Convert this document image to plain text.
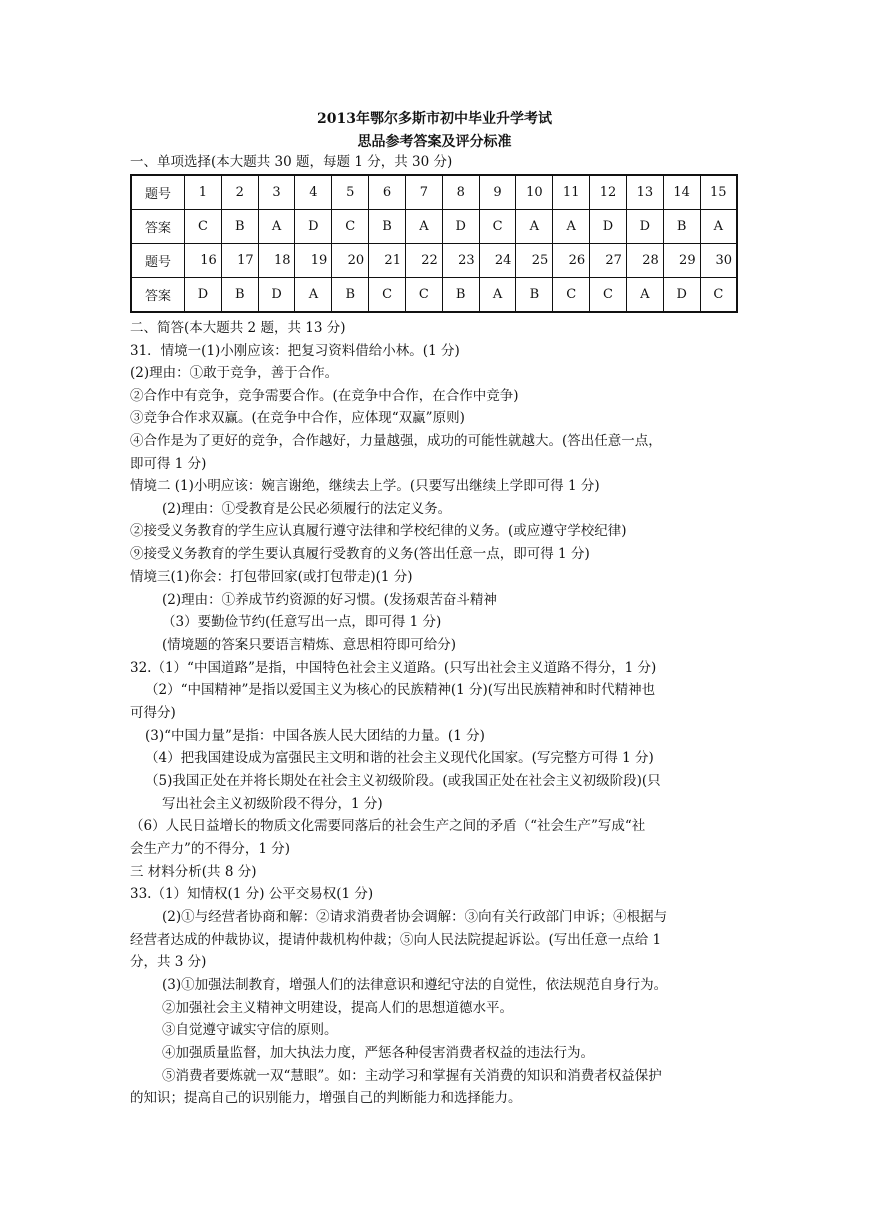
2013年鄂尔多斯市初中毕业升学考试
思品参考答案及评分标准
一、单项选择(本大题共 30 题，每题 1 分，共 30 分)
题号	1	2	3	4	5	6	7	8	9	10	11	12	13	14	15
答案	C	B	A	D	C	B	A	D	C	A	A	D	D	B	A
题号	16	17	18	19	20	21	22	23	24	25	26	27	28	29	30
答案	D	B	D	A	B	C	C	B	A	B	C	C	A	D	C
二、简答(本大题共 2 题，共 13 分)
31．情境一(1)小刚应该：把复习资料借给小林。(1 分)
(2)理由：①敢于竞争，善于合作。
②合作中有竞争，竞争需要合作。(在竞争中合作，在合作中竞争)
③竞争合作求双赢。(在竞争中合作，应体现“双赢”原则)
④合作是为了更好的竞争，合作越好，力量越强，成功的可能性就越大。(答出任意一点，
即可得 1 分)
情境二 (1)小明应该：婉言谢绝，继续去上学。(只要写出继续上学即可得 1 分)
(2)理由：①受教育是公民必须履行的法定义务。
②接受义务教育的学生应认真履行遵守法律和学校纪律的义务。(或应遵守学校纪律)
⑨接受义务教育的学生要认真履行受教育的义务(答出任意一点，即可得 1 分)
情境三(1)你会：打包带回家(或打包带走)(1 分)
(2)理由：①养成节约资源的好习惯。(发扬艰苦奋斗精神
（3）要勤俭节约(任意写出一点，即可得 1 分)
(情境题的答案只要语言精炼、意思相符即可给分)
32.（1）“中国道路”是指，中国特色社会主义道路。(只写出社会主义道路不得分，1 分)
（2）“中国精神”是指以爱国主义为核心的民族精神(1 分)(写出民族精神和时代精神也
可得分)
(3)“中国力量”是指：中国各族人民大团结的力量。(1 分)
（4）把我国建设成为富强民主文明和谐的社会主义现代化国家。(写完整方可得 1 分)
（5)我国正处在并将长期处在社会主义初级阶段。(或我国正处在社会主义初级阶段)(只
写出社会主义初级阶段不得分，1 分)
（6）人民日益增长的物质文化需要同落后的社会生产之间的矛盾（“社会生产”写成“社
会生产力”的不得分，1 分)
三 材料分析(共 8 分)
33.（1）知情权(1 分) 公平交易权(1 分)
(2)①与经营者协商和解：②请求消费者协会调解：③向有关行政部门申诉；④根据与
经营者达成的仲裁协议，提请仲裁机构仲裁；⑤向人民法院提起诉讼。(写出任意一点给 1
分，共 3 分)
(3)①加强法制教育，增强人们的法律意识和遵纪守法的自觉性，依法规范自身行为。
②加强社会主义精神文明建设，提高人们的思想道德水平。
③自觉遵守诚实守信的原则。
④加强质量监督，加大执法力度，严惩各种侵害消费者权益的违法行为。
⑤消费者要炼就一双“慧眼”。如：主动学习和掌握有关消费的知识和消费者权益保护
的知识；提高自己的识别能力，增强自己的判断能力和选择能力。
